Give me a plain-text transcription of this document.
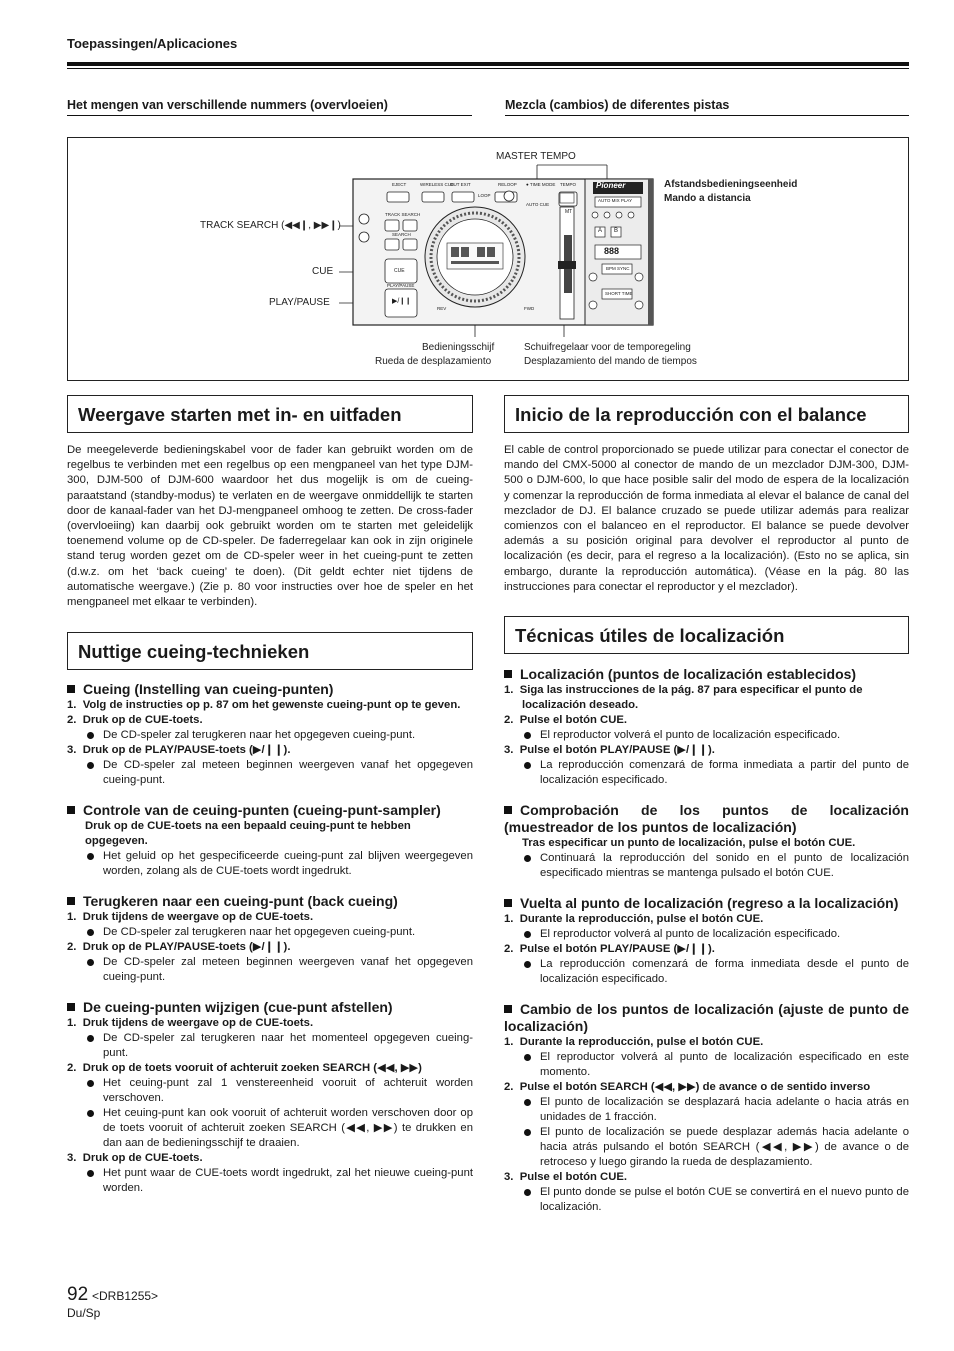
Toepassingen/Aplicaciones
Het mengen van verschillende nummers (overvloeien)	Mezcla (cambios) de diferentes pistas
MASTER TEMPO
Afstandsbedieningseenheid
Mando a distancia
TRACK SEARCH (◀◀❙, ▶▶❙)
CUE
PLAY/PAUSE
Bedieningsschijf
Rueda de desplazamiento
Schuifregelaar voor de temporegeling
Desplazamiento del mando de tiempos
EJECT	WIRELESS CUE
OUT EXIT	RELOOP ● TIME MODE
AUTO CUE
TEMPO
LOOP
MT
TRACK SEARCH
SEARCH
CUE
PLAY/PAUSE
▶/❙❙
REV	FWD
Pioneer
AUTO MIX PLAY
A B
888
BPM SYNC
SHORT TIME
Weergave starten met in- en uitfaden
De meegeleverde bedieningskabel voor de fader kan gebruikt worden om de regelbus te verbinden met een regelbus op een mengpaneel van het type DJM-300, DJM-500 of DJM-600 waardoor het dus mogelijk is om de cueing-paraatstand (standby-modus) te verlaten en de weergave onmiddellijk te starten door de kanaal-fader van het DJ-mengpaneel omhoog te zetten. De cross-fader (overvloeiing) kan daarbij ook gebruikt worden om te starten met geleidelijk toenemend volume op de CD-speler. De faderregelaar kan ook in zijn originele stand terug worden gezet om de CD-speler weer in het cueing-punt te zetten (d.w.z. om het ‘back cueing’ te doen). (Dit geldt echter niet tijdens de automatische weergave.) (Zie p. 80 voor instructies over hoe de speler en het mengpaneel met elkaar te verbinden).
Nuttige cueing-technieken
Cueing (Instelling van cueing-punten)
1.  Volg de instructies op p. 87 om het gewenste cueing-punt op te geven.
2.  Druk op de CUE-toets.
De CD-speler zal terugkeren naar het opgegeven cueing-punt.
3.  Druk op de PLAY/PAUSE-toets (▶/❙❙).
De CD-speler zal meteen beginnen weergeven vanaf het opgegeven cueing-punt.
Controle van de ceuing-punten (cueing-punt-sampler)
Druk op de CUE-toets na een bepaald ceuing-punt te hebben opgegeven.
Het geluid op het gespecificeerde cueing-punt zal blijven weergegeven worden, zolang als de CUE-toets wordt ingedrukt.
Terugkeren naar een cueing-punt (back cueing)
1.  Druk tijdens de weergave op de CUE-toets.
De CD-speler zal terugkeren naar het opgegeven cueing-punt.
2.  Druk op de PLAY/PAUSE-toets (▶/❙❙).
De CD-speler zal meteen beginnen weergeven vanaf het opgegeven cueing-punt.
De cueing-punten wijzigen (cue-punt afstellen)
1.  Druk tijdens de weergave op de CUE-toets.
De CD-speler zal terugkeren naar het momenteel opgegeven cueing-punt.
2.  Druk op de toets vooruit of achteruit zoeken SEARCH (◀◀, ▶▶)
Het ceuing-punt zal 1 venstereenheid vooruit of achteruit worden verschoven.
Het ceuing-punt kan ook vooruit of achteruit worden verschoven door op de toets vooruit of achteruit zoeken SEARCH (◀◀, ▶▶) te drukken en dan aan de bedieningsschijf te draaien.
3.  Druk op de CUE-toets.
Het punt waar de CUE-toets wordt ingedrukt, zal het nieuwe cueing-punt worden.
Inicio de la reproducción con el balance
El cable de control proporcionado se puede utilizar para conectar el conector de mando del CMX-5000 al conector de mando de un mezclador DJM-300, DJM-500 o DJM-600, lo que hace posible salir del modo de espera de la localización y comenzar la reproducción de forma inmediata al elevar el balance de canal del mezclador de DJ. El balance cruzado se puede utilizar además para realizar comienzos con el balanceo en el reproductor. El balance se puede devolver además a su posición original para devolver el reproductor al punto de localización (es decir, para el regreso a la localización). (Esto no se aplica, sin embargo, durante la reproducción automática). (Véase en la pág. 80 las instrucciones para conectar el reproductor y el mezclador).
Técnicas útiles de localización
Localización (puntos de localización establecidos)
1.  Siga las instrucciones de la pág. 87 para especificar el punto de localización deseado.
2.  Pulse el botón CUE.
El reproductor volverá el punto de localización especificado.
3.  Pulse el botón PLAY/PAUSE (▶/❙❙).
La reproducción comenzará de forma inmediata a partir del punto de localización especificado.
Comprobación de los puntos de localización (muestreador de los puntos de localización)
Tras especificar un punto de localización, pulse el botón CUE.
Continuará la reproducción del sonido en el punto de localización especificado mientras se mantenga pulsado el botón CUE.
Vuelta al punto de localización (regreso a la localización)
1.  Durante la reproducción, pulse el botón CUE.
El reproductor volverá al punto de localización especificado.
2.  Pulse el botón PLAY/PAUSE (▶/❙❙).
La reproducción comenzará de forma inmediata desde el punto de localización especificado.
Cambio de los puntos de localización (ajuste de punto de localización)
1.  Durante la reproducción, pulse el botón CUE.
El reproductor volverá al punto de localización especificado en este momento.
2.  Pulse el botón SEARCH (◀◀, ▶▶) de avance o de sentido inverso
El punto de localización se desplazará hacia adelante o hacia atrás en unidades de 1 fracción.
El punto de localización se puede desplazar además hacia adelante o hacia atrás pulsando el botón SEARCH (◀◀, ▶▶) de avance o de retroceso y luego girando la rueda de desplazamiento.
3.  Pulse el botón CUE.
El punto donde se pulse el botón CUE se convertirá en el nuevo punto de localización.
92 <DRB1255>
Du/Sp
